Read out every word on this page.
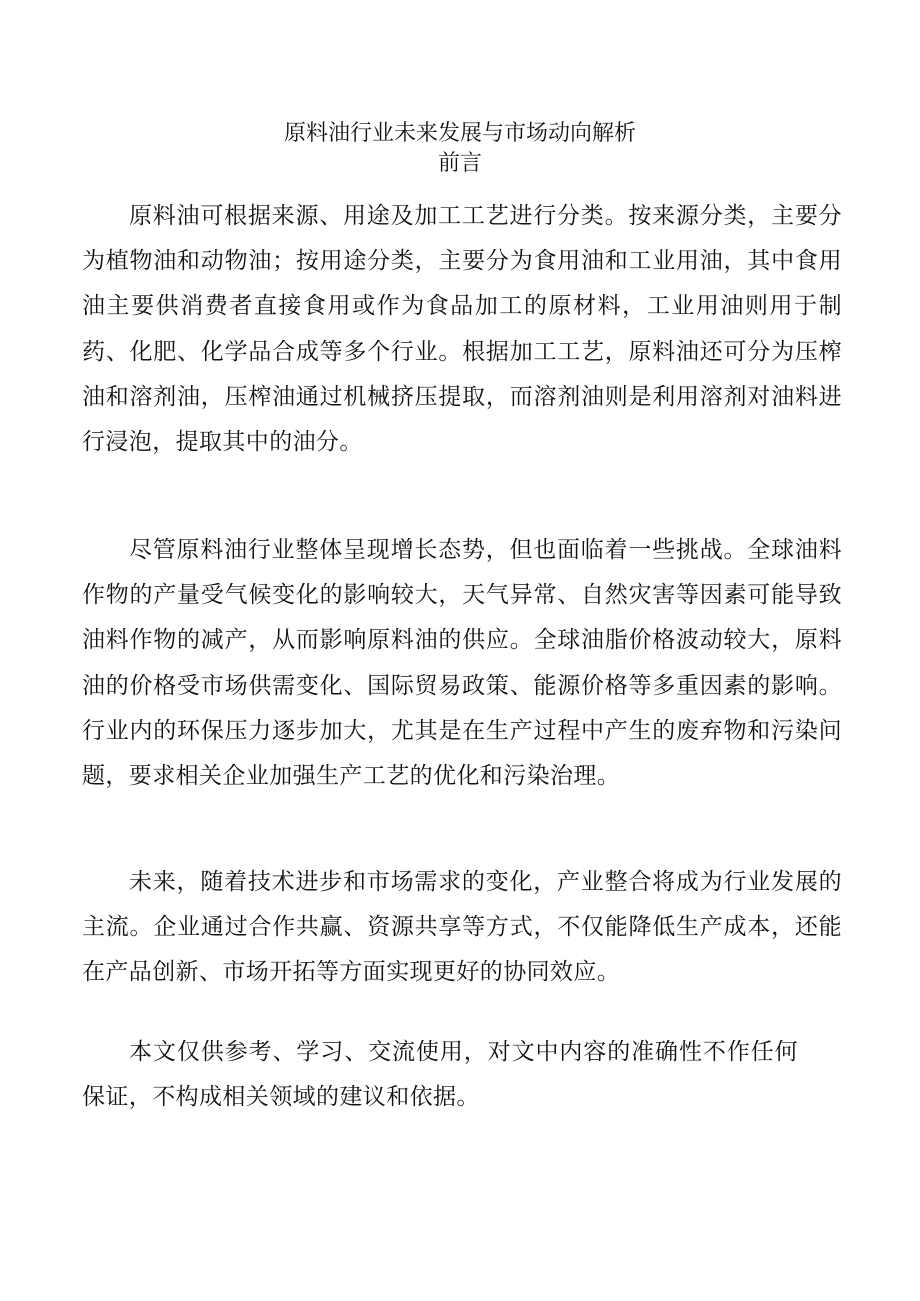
原料油行业未来发展与市场动向解析
前言

原料油可根据来源、用途及加工工艺进行分类。按来源分类，主要分为植物油和动物油；按用途分类，主要分为食用油和工业用油，其中食用油主要供消费者直接食用或作为食品加工的原材料，工业用油则用于制药、化肥、化学品合成等多个行业。根据加工工艺，原料油还可分为压榨油和溶剂油，压榨油通过机械挤压提取，而溶剂油则是利用溶剂对油料进行浸泡，提取其中的油分。

尽管原料油行业整体呈现增长态势，但也面临着一些挑战。全球油料作物的产量受气候变化的影响较大，天气异常、自然灾害等因素可能导致油料作物的减产，从而影响原料油的供应。全球油脂价格波动较大，原料油的价格受市场供需变化、国际贸易政策、能源价格等多重因素的影响。行业内的环保压力逐步加大，尤其是在生产过程中产生的废弃物和污染问题，要求相关企业加强生产工艺的优化和污染治理。

未来，随着技术进步和市场需求的变化，产业整合将成为行业发展的主流。企业通过合作共赢、资源共享等方式，不仅能降低生产成本，还能在产品创新、市场开拓等方面实现更好的协同效应。

本文仅供参考、学习、交流使用，对文中内容的准确性不作任何保证，不构成相关领域的建议和依据。
